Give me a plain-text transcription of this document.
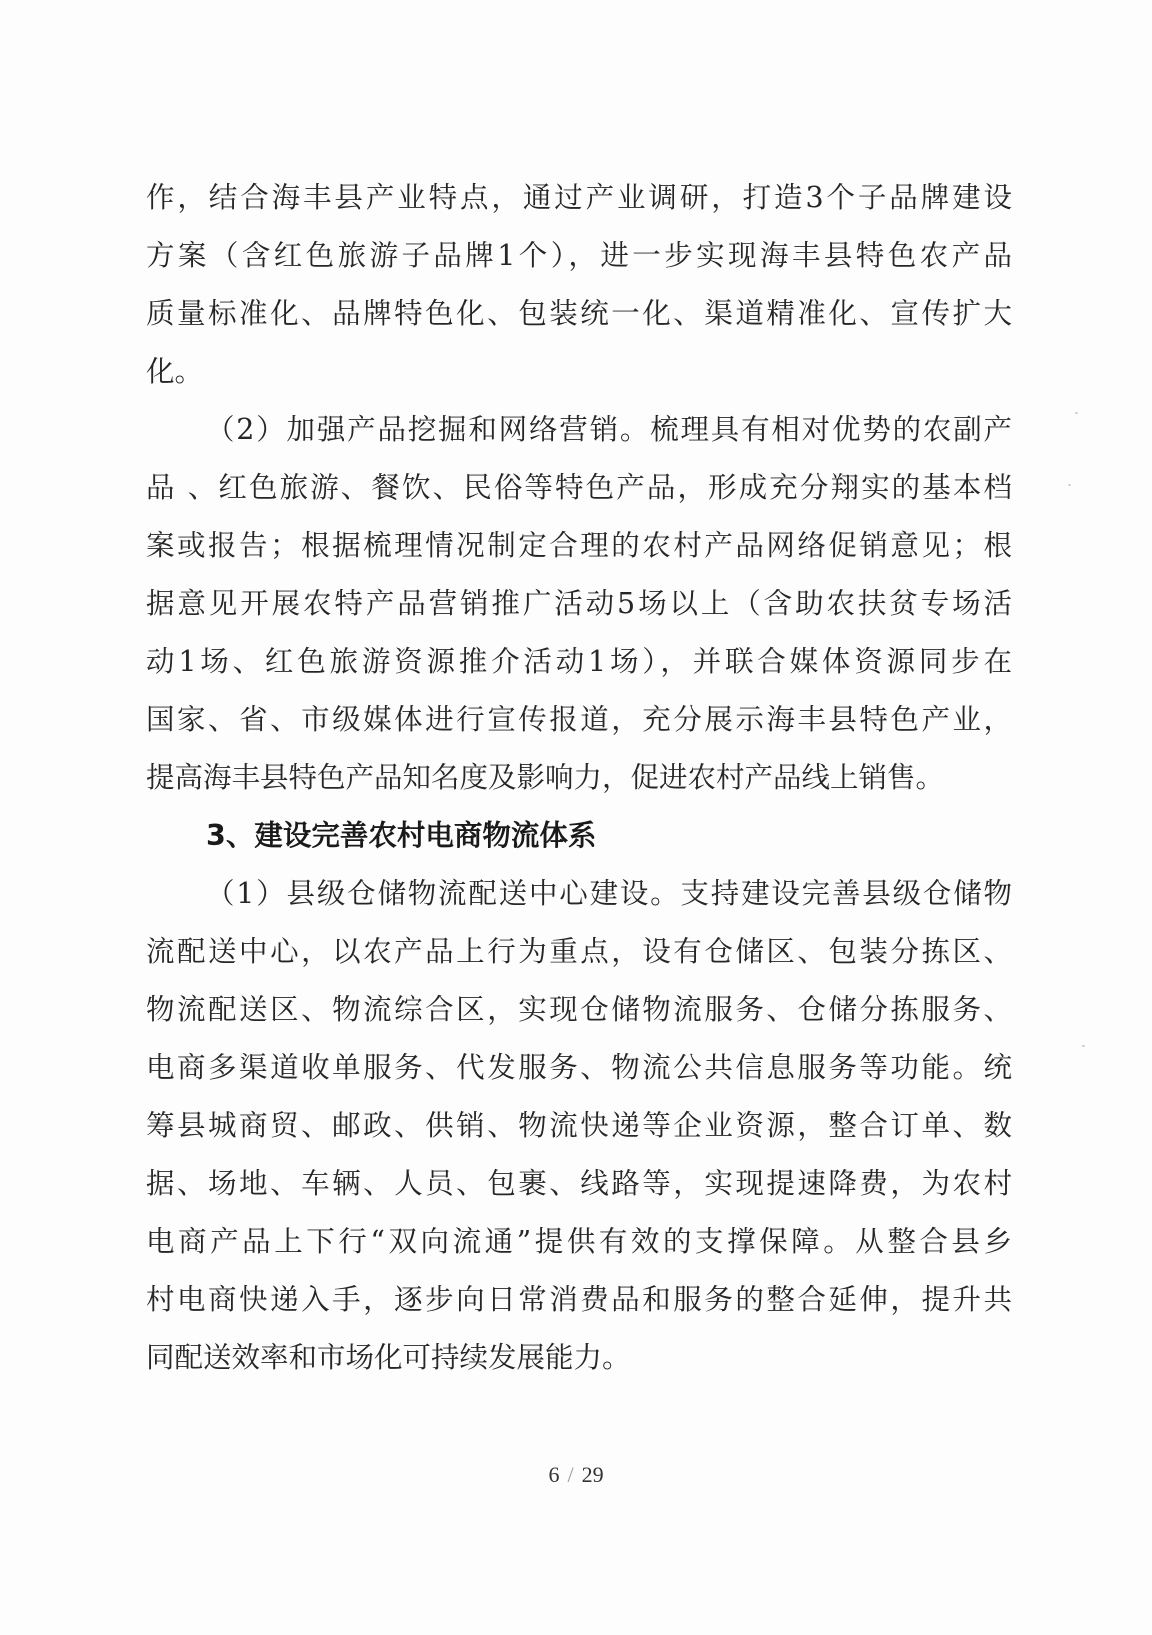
作，结合海丰县产业特点，通过产业调研，打造3个子品牌建设
方案（含红色旅游子品牌1个），进一步实现海丰县特色农产品
质量标准化、品牌特色化、包装统一化、渠道精准化、宣传扩大
化。
（2）加强产品挖掘和网络营销。梳理具有相对优势的农副产
品 、红色旅游、餐饮、民俗等特色产品，形成充分翔实的基本档
案或报告；根据梳理情况制定合理的农村产品网络促销意见；根
据意见开展农特产品营销推广活动5场以上（含助农扶贫专场活
动1场、红色旅游资源推介活动1场），并联合媒体资源同步在
国家、省、市级媒体进行宣传报道，充分展示海丰县特色产业，
提高海丰县特色产品知名度及影响力，促进农村产品线上销售。
3、建设完善农村电商物流体系
（1）县级仓储物流配送中心建设。支持建设完善县级仓储物
流配送中心，以农产品上行为重点，设有仓储区、包装分拣区、
物流配送区、物流综合区，实现仓储物流服务、仓储分拣服务、
电商多渠道收单服务、代发服务、物流公共信息服务等功能。统
筹县城商贸、邮政、供销、物流快递等企业资源，整合订单、数
据、场地、车辆、人员、包裹、线路等，实现提速降费，为农村
电商产品上下行“双向流通”提供有效的支撑保障。从整合县乡
村电商快递入手，逐步向日常消费品和服务的整合延伸，提升共
同配送效率和市场化可持续发展能力。
6 / 29
